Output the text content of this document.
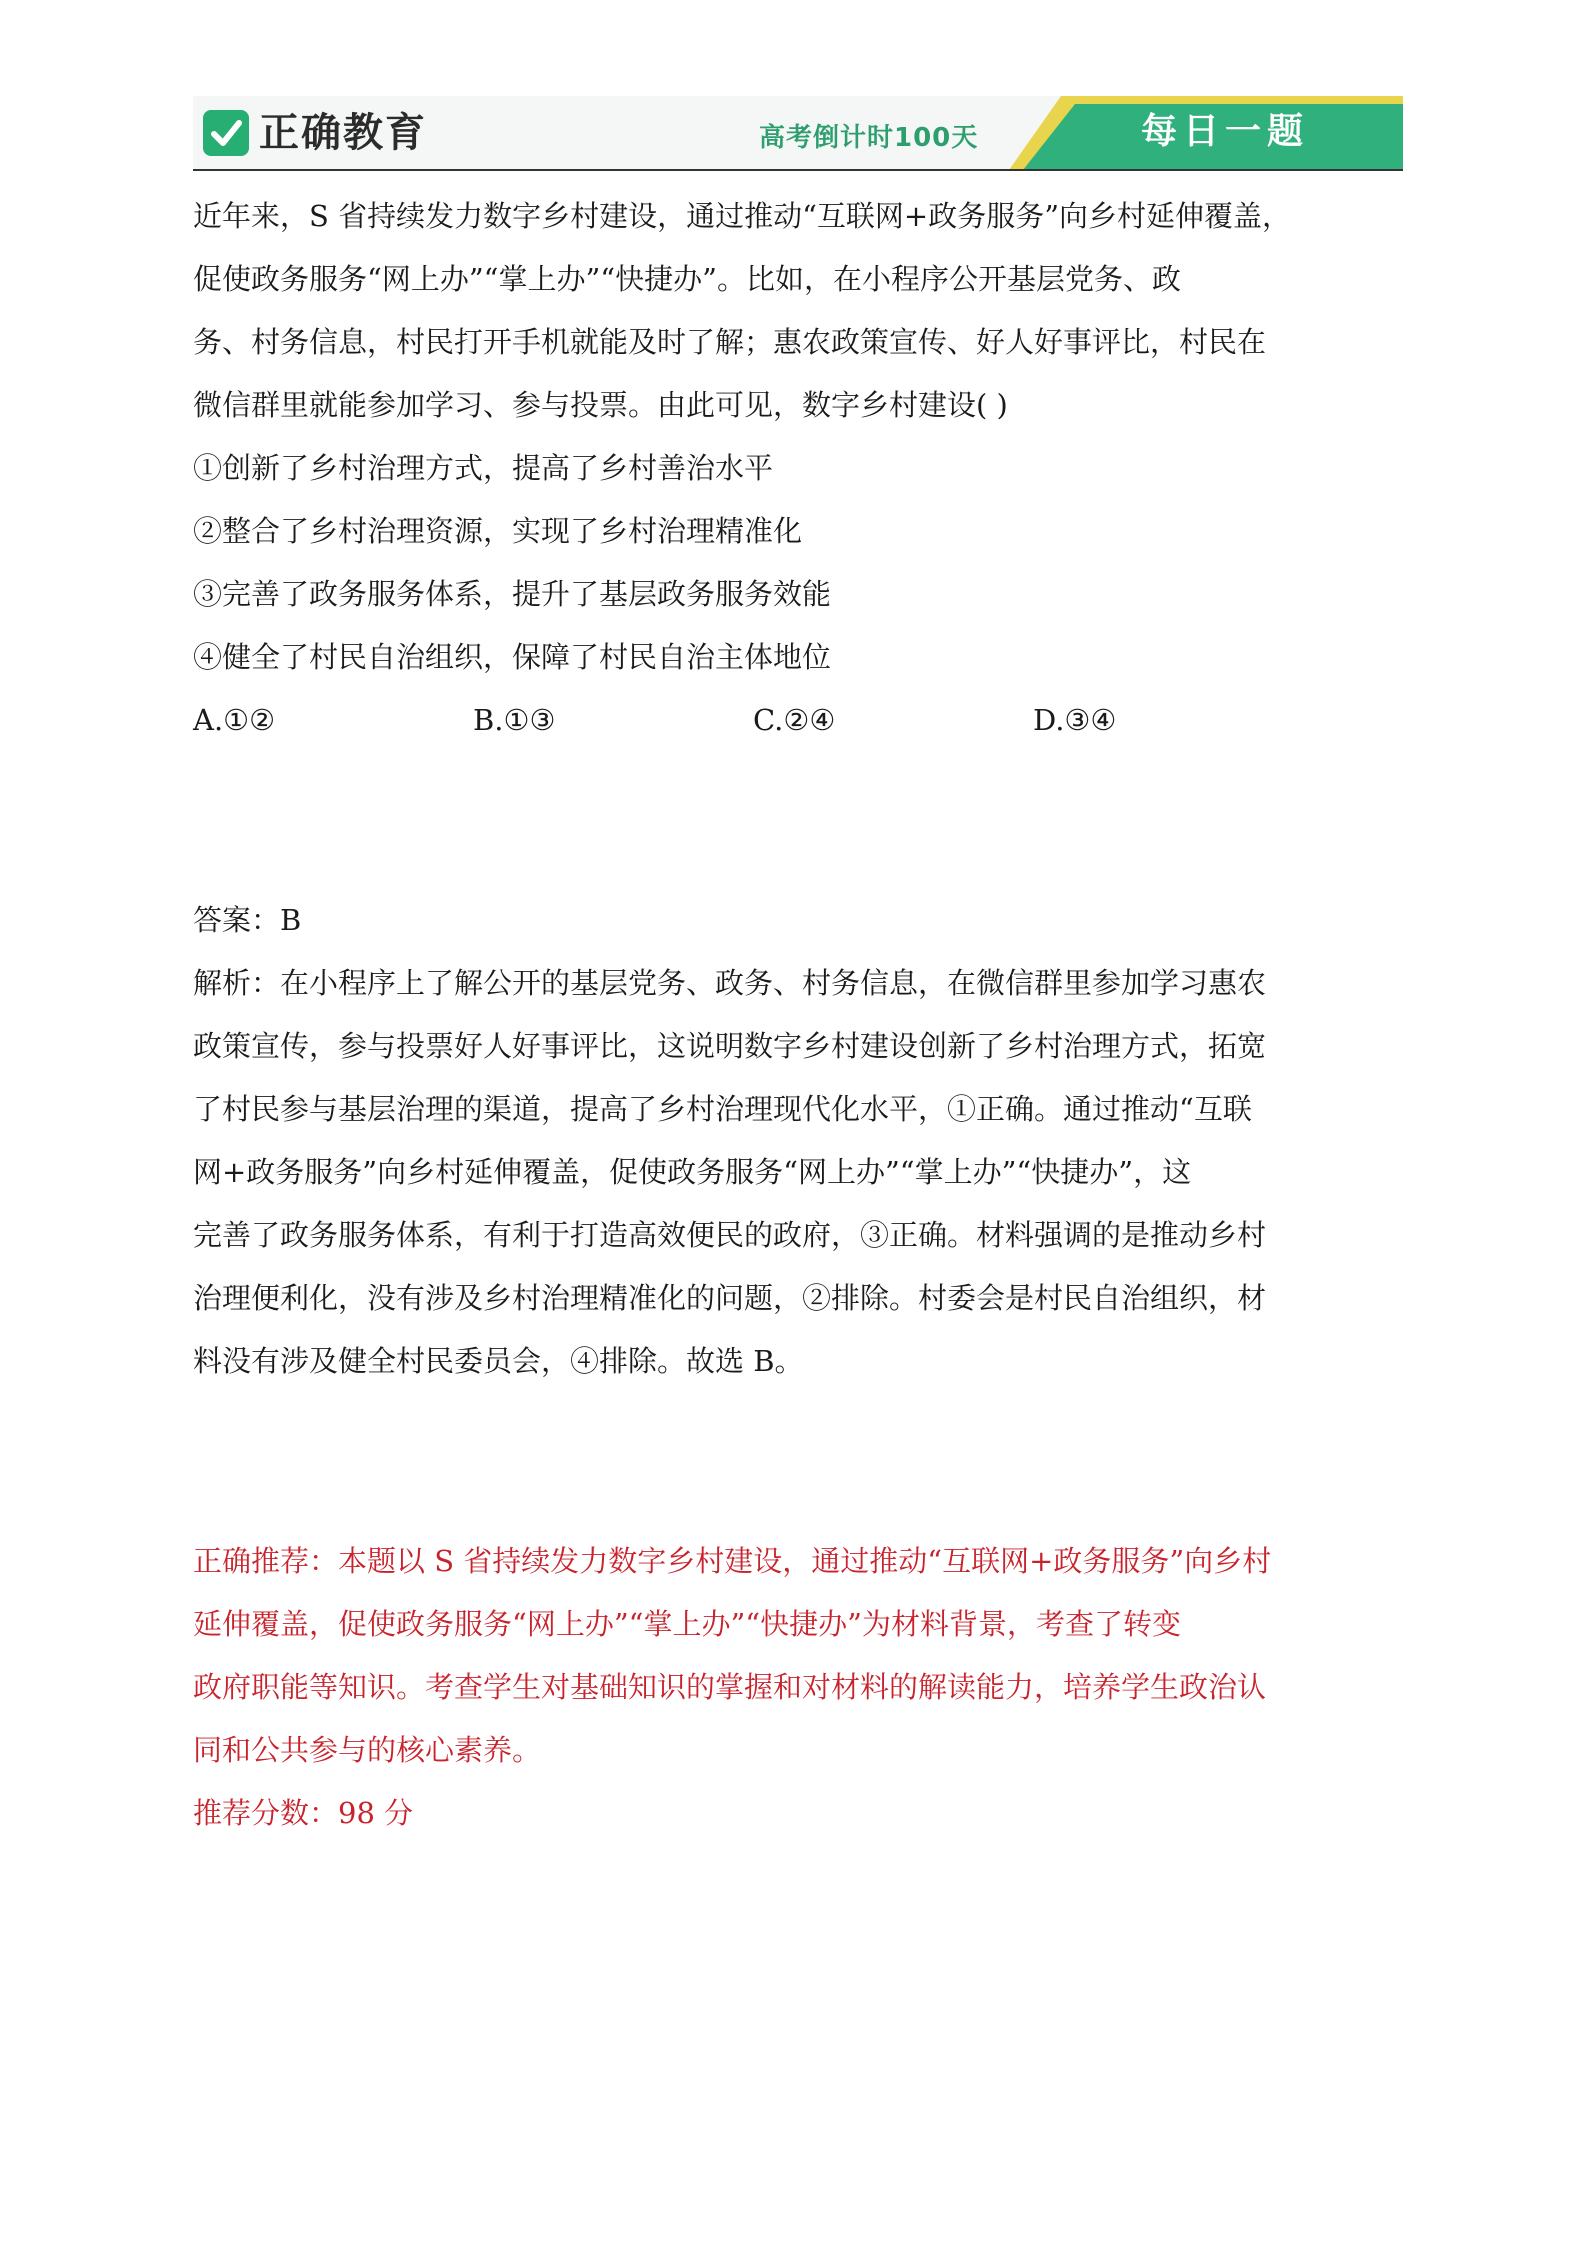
正确教育	高考倒计时100天	每日一题

近年来，S 省持续发力数字乡村建设，通过推动“互联网+政务服务”向乡村延伸覆盖，

促使政务服务“网上办”“掌上办”“快捷办”。比如，在小程序公开基层党务、政

务、村务信息，村民打开手机就能及时了解；惠农政策宣传、好人好事评比，村民在

微信群里就能参加学习、参与投票。由此可见，数字乡村建设( )

①创新了乡村治理方式，提高了乡村善治水平

②整合了乡村治理资源，实现了乡村治理精准化

③完善了政务服务体系，提升了基层政务服务效能

④健全了村民自治组织，保障了村民自治主体地位

A.①②	B.①③	C.②④	D.③④

答案：B

解析：在小程序上了解公开的基层党务、政务、村务信息，在微信群里参加学习惠农

政策宣传，参与投票好人好事评比，这说明数字乡村建设创新了乡村治理方式，拓宽

了村民参与基层治理的渠道，提高了乡村治理现代化水平，①正确。通过推动“互联

网+政务服务”向乡村延伸覆盖，促使政务服务“网上办”“掌上办”“快捷办”，这

完善了政务服务体系，有利于打造高效便民的政府，③正确。材料强调的是推动乡村

治理便利化，没有涉及乡村治理精准化的问题，②排除。村委会是村民自治组织，材

料没有涉及健全村民委员会，④排除。故选 B。

正确推荐：本题以 S 省持续发力数字乡村建设，通过推动“互联网+政务服务”向乡村

延伸覆盖，促使政务服务“网上办”“掌上办”“快捷办”为材料背景，考查了转变

政府职能等知识。考查学生对基础知识的掌握和对材料的解读能力，培养学生政治认

同和公共参与的核心素养。

推荐分数：98 分
